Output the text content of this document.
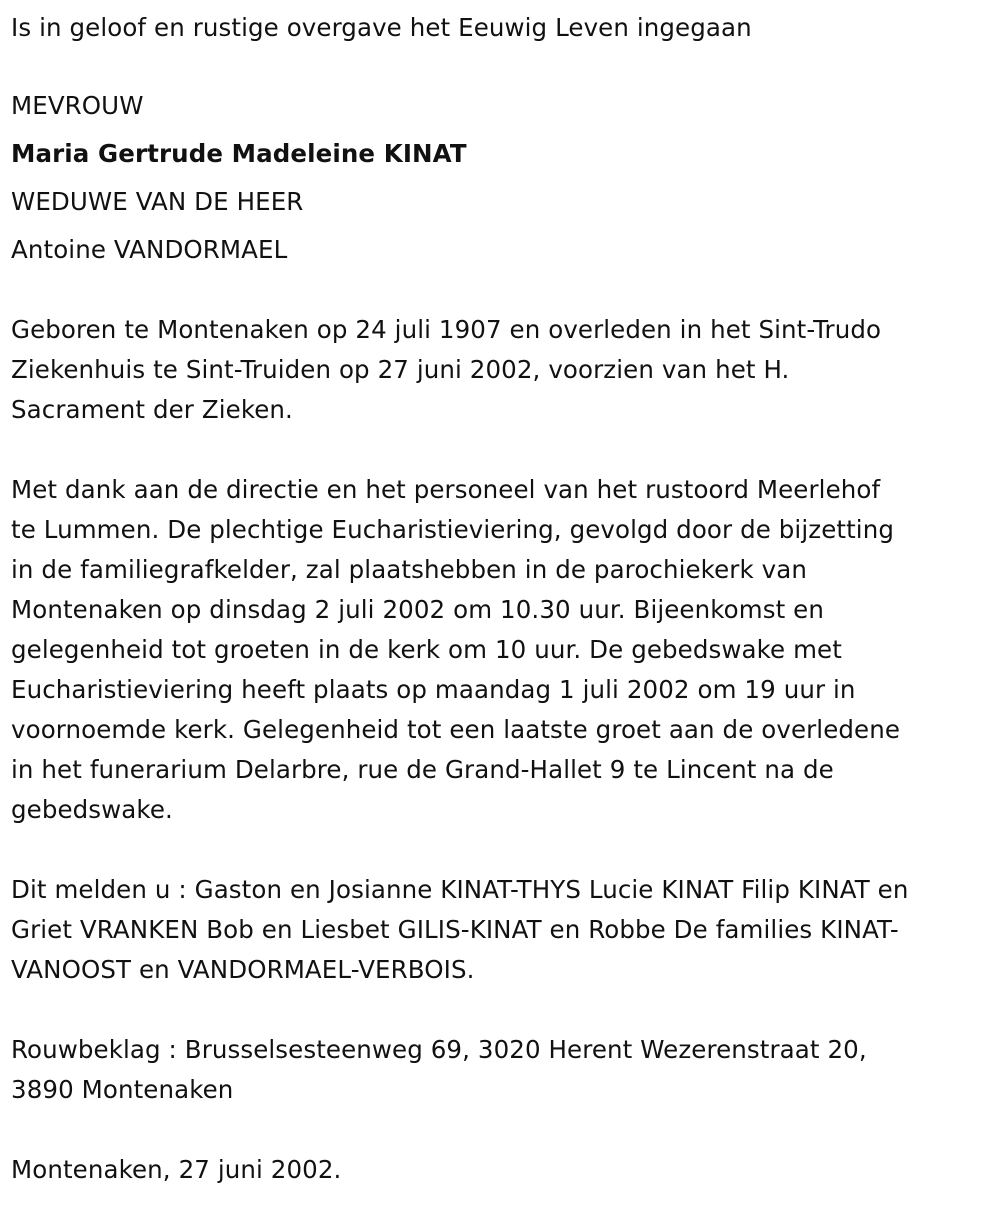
Is in geloof en rustige overgave het Eeuwig Leven ingegaan

MEVROUW

Maria Gertrude Madeleine KINAT

WEDUWE VAN DE HEER

Antoine VANDORMAEL

Geboren te Montenaken op 24 juli 1907 en overleden in het Sint-Trudo

Ziekenhuis te Sint-Truiden op 27 juni 2002, voorzien van het H.

Sacrament der Zieken.

Met dank aan de directie en het personeel van het rustoord Meerlehof

te Lummen. De plechtige Eucharistieviering, gevolgd door de bijzetting

in de familiegrafkelder, zal plaatshebben in de parochiekerk van

Montenaken op dinsdag 2 juli 2002 om 10.30 uur. Bijeenkomst en

gelegenheid tot groeten in de kerk om 10 uur. De gebedswake met

Eucharistieviering heeft plaats op maandag 1 juli 2002 om 19 uur in

voornoemde kerk. Gelegenheid tot een laatste groet aan de overledene

in het funerarium Delarbre, rue de Grand-Hallet 9 te Lincent na de

gebedswake.

Dit melden u : Gaston en Josianne KINAT-THYS Lucie KINAT Filip KINAT en

Griet VRANKEN Bob en Liesbet GILIS-KINAT en Robbe De families KINAT-

VANOOST en VANDORMAEL-VERBOIS.

Rouwbeklag : Brusselsesteenweg 69, 3020 Herent Wezerenstraat 20,

3890 Montenaken

Montenaken, 27 juni 2002.
